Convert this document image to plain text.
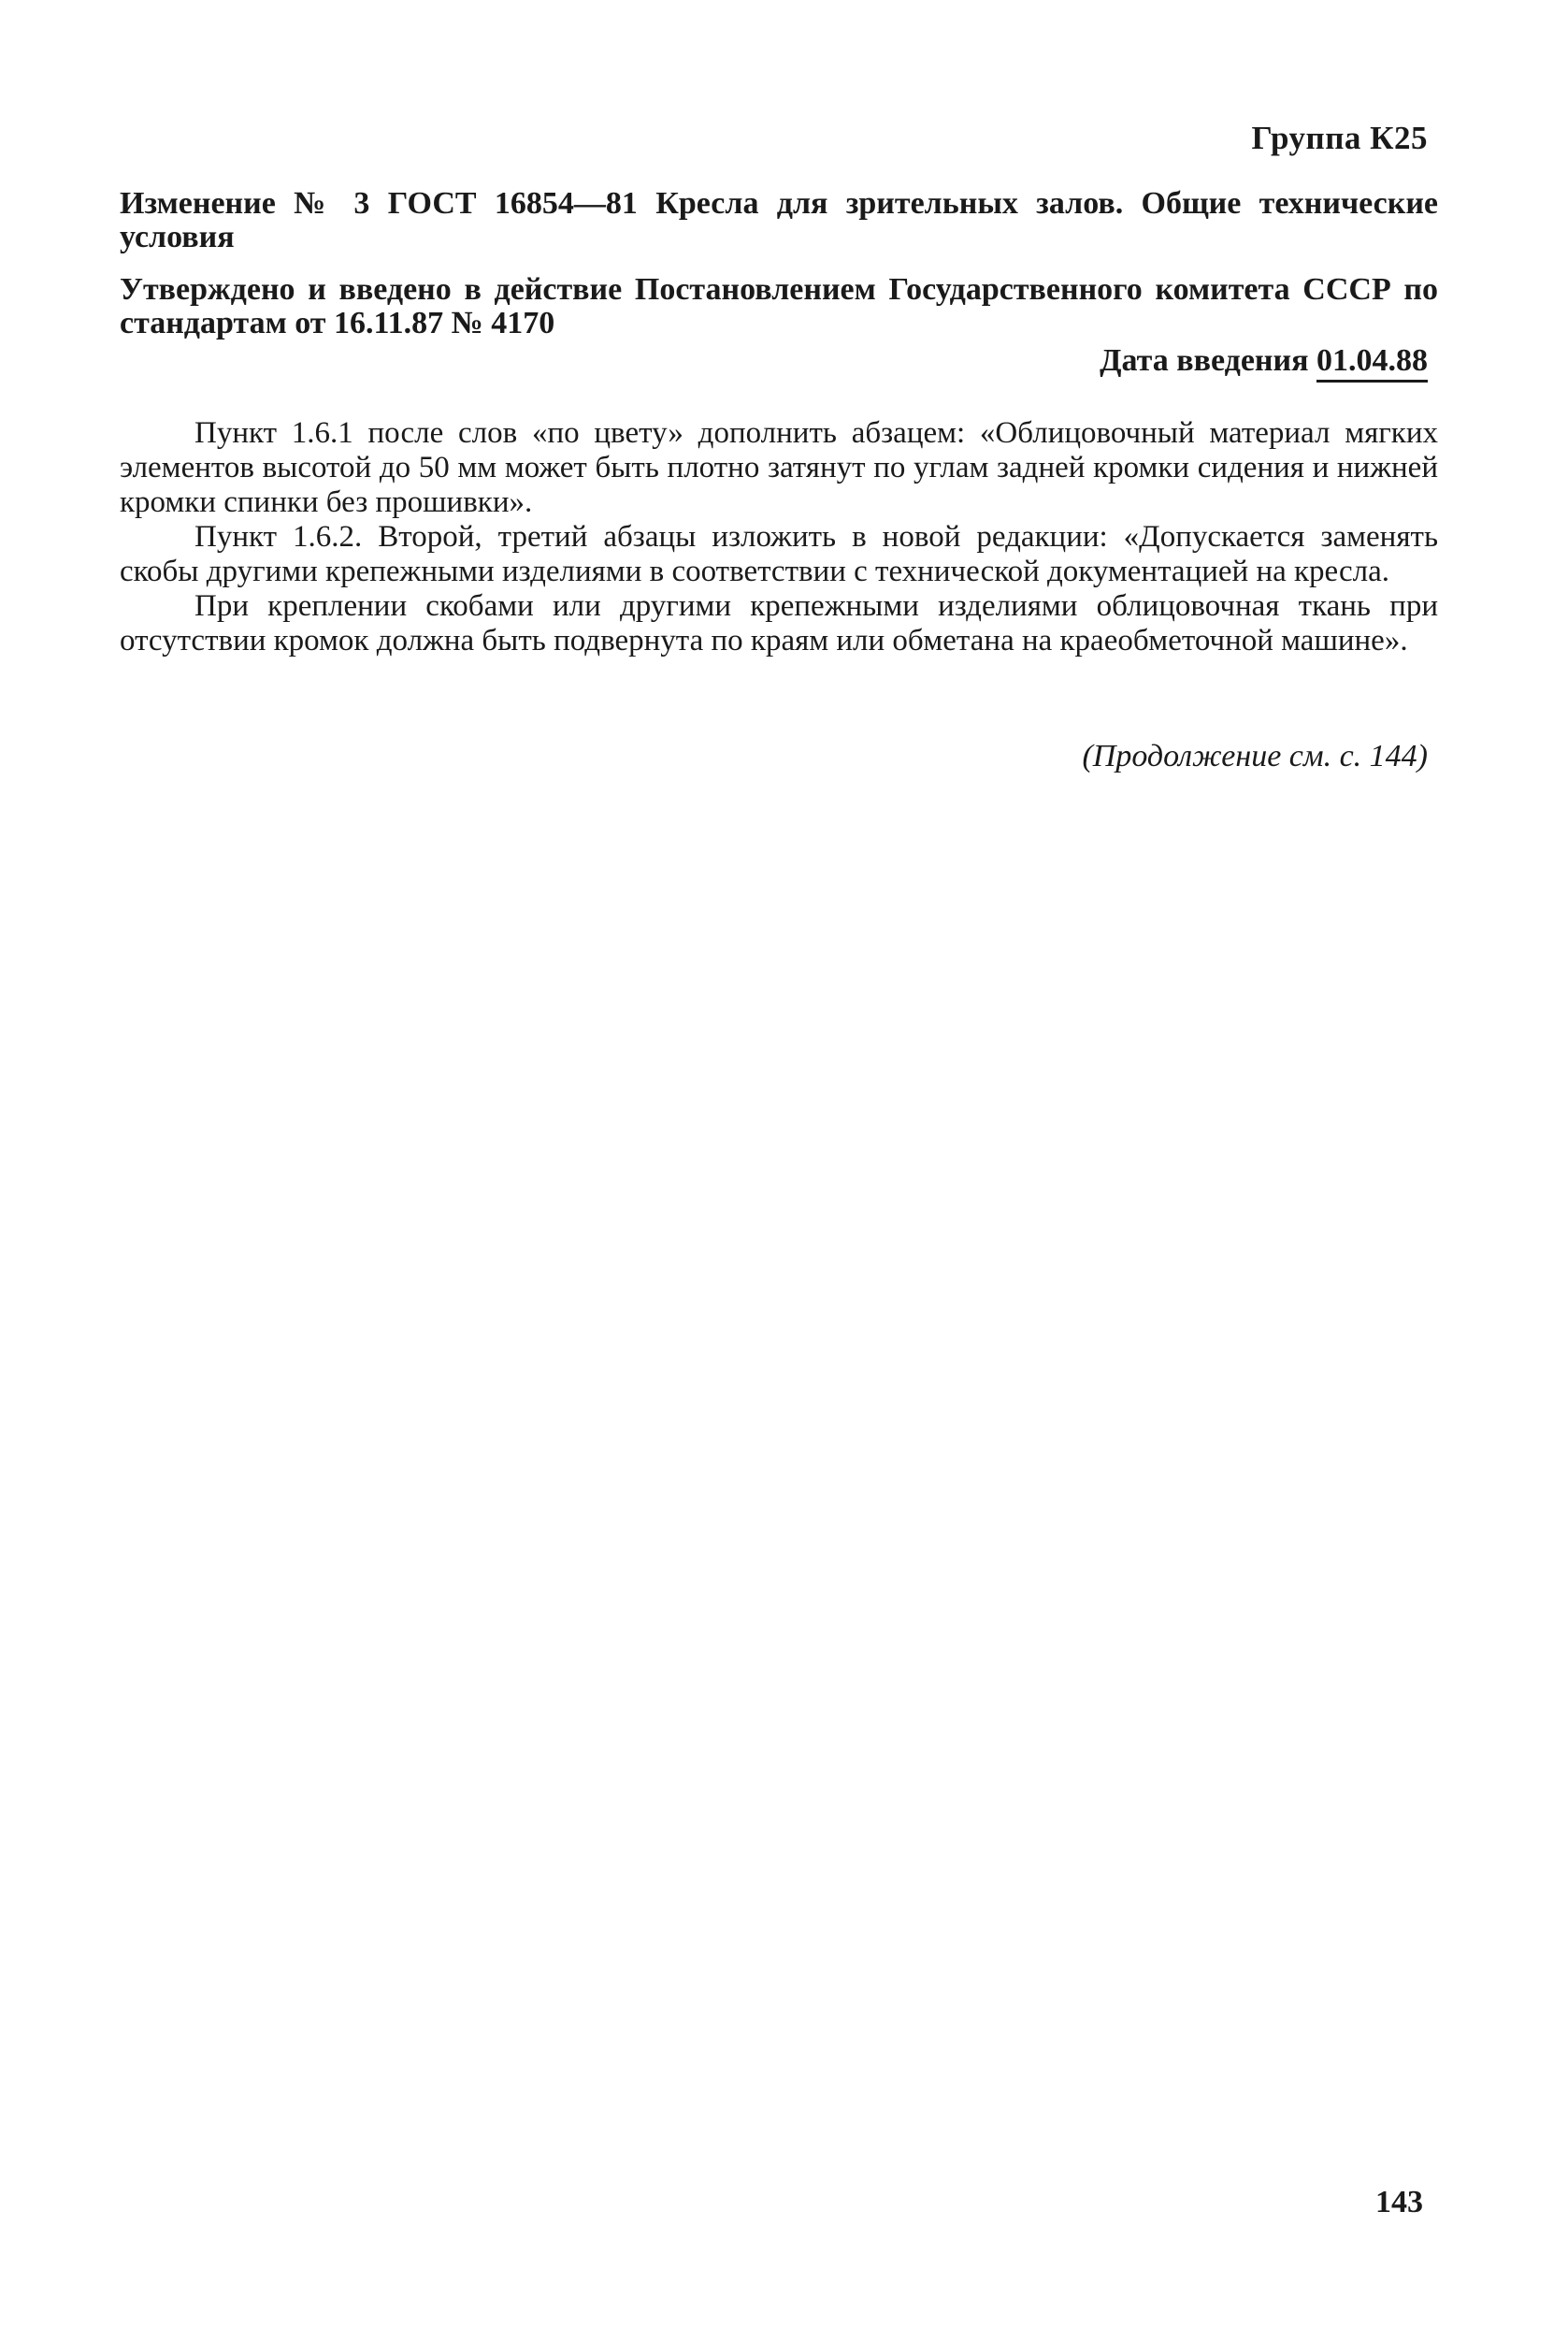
Группа К25
Изменение № 3 ГОСТ 16854—81 Кресла для зрительных залов. Общие технические условия
Утверждено и введено в действие Постановлением Государственного комитета СССР по стандартам от 16.11.87 № 4170
Дата введения 01.04.88

Пункт 1.6.1 после слов «по цвету» дополнить абзацем: «Облицовочный материал мягких элементов высотой до 50 мм может быть плотно затянут по углам задней кромки сидения и нижней кромки спинки без прошивки».

Пункт 1.6.2. Второй, третий абзацы изложить в новой редакции: «Допускается заменять скобы другими крепежными изделиями в соответствии с технической документацией на кресла.

При креплении скобами или другими крепежными изделиями облицовочная ткань при отсутствии кромок должна быть подвернута по краям или обметана на краеобметочной машине».

(Продолжение см. с. 144)
143
